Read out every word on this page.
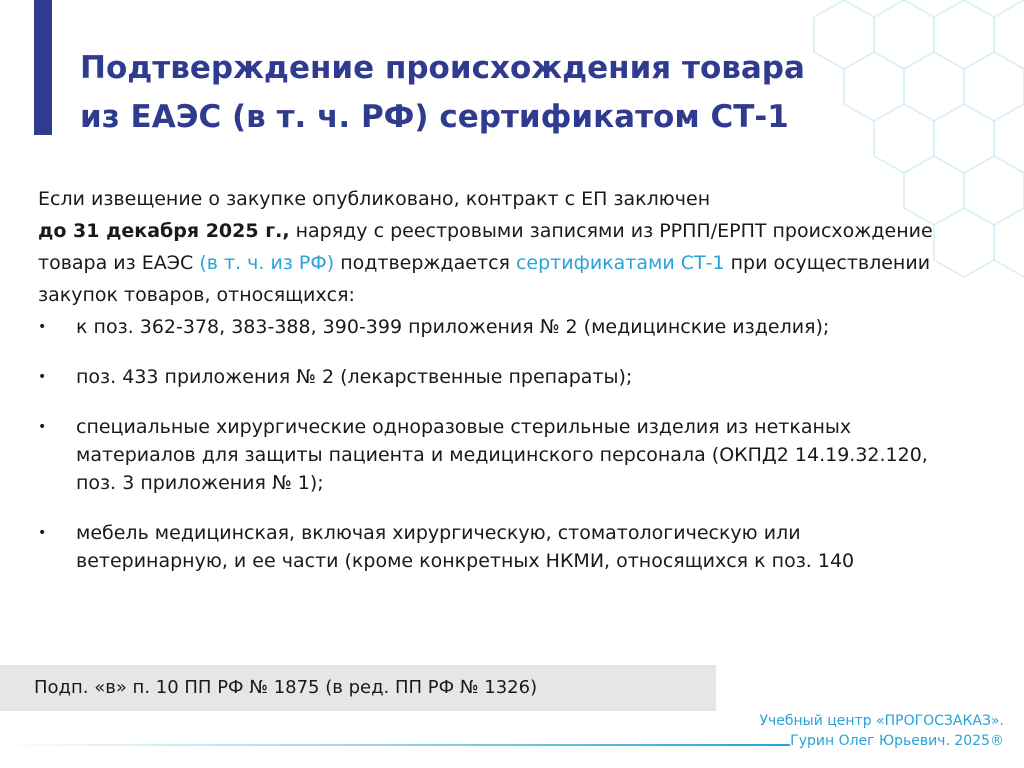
Подтверждение происхождения товара
из ЕАЭС (в т. ч. РФ) сертификатом СТ-1

Если извещение о закупке опубликовано, контракт с ЕП заключен
до 31 декабря 2025 г., наряду с реестровыми записями из РРПП/ЕРПТ происхождение товара из ЕАЭС (в т. ч. из РФ) подтверждается сертификатами СТ-1 при осуществлении закупок товаров, относящихся:

• к поз. 362-378, 383-388, 390-399 приложения № 2 (медицинские изделия);
• поз. 433 приложения № 2 (лекарственные препараты);
• специальные хирургические одноразовые стерильные изделия из нетканых материалов для защиты пациента и медицинского персонала (ОКПД2 14.19.32.120, поз. 3 приложения № 1);
• мебель медицинская, включая хирургическую, стоматологическую или ветеринарную, и ее части (кроме конкретных НКМИ, относящихся к поз. 140
Подп. «в» п. 10 ПП РФ № 1875 (в ред. ПП РФ № 1326)
Учебный центр «ПРОГОСЗАКАЗ».
Гурин Олег Юрьевич. 2025®
